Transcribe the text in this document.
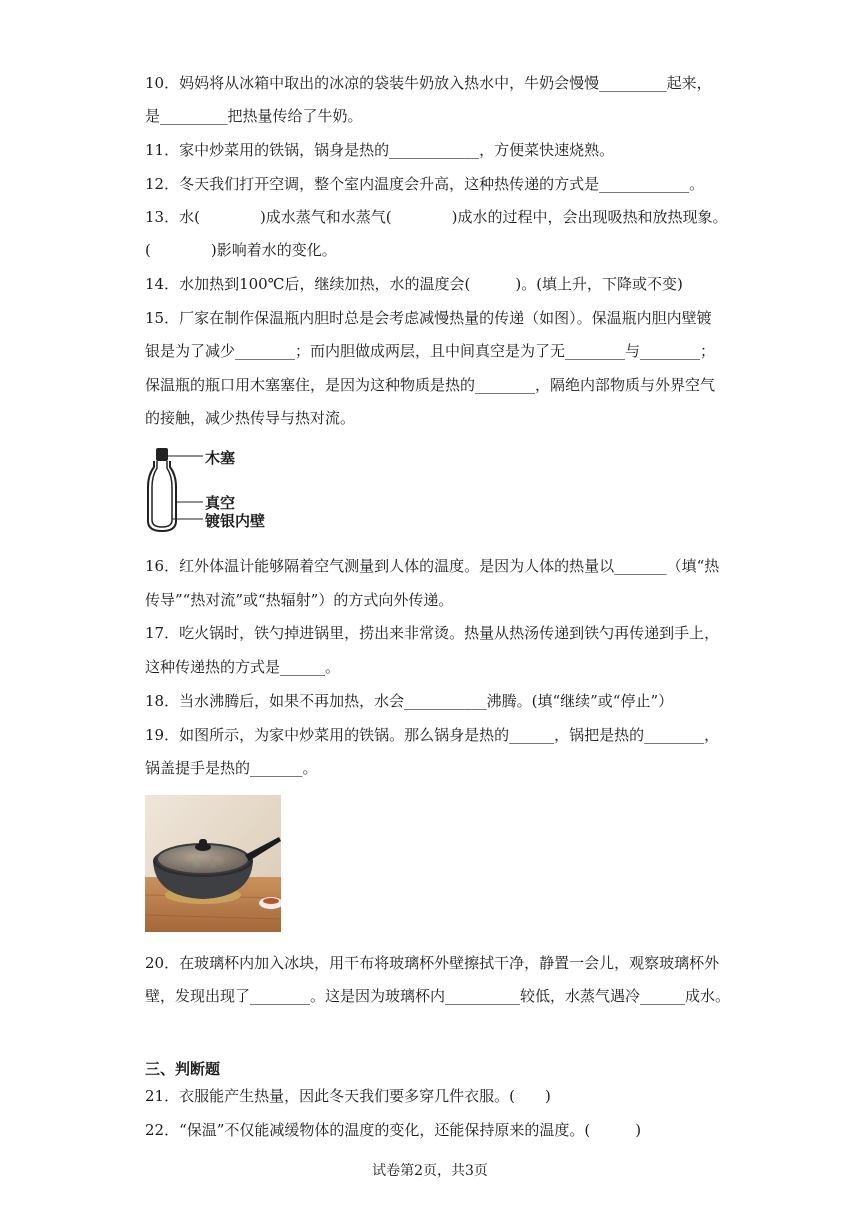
10．妈妈将从冰箱中取出的冰凉的袋装牛奶放入热水中，牛奶会慢慢_________起来，
是_________把热量传给了牛奶。
11．家中炒菜用的铁锅，锅身是热的____________，方便菜快速烧熟。
12．冬天我们打开空调，整个室内温度会升高，这种热传递的方式是____________。
13．水(　　　　)成水蒸气和水蒸气(　　　　)成水的过程中，会出现吸热和放热现象。
(　　　　)影响着水的变化。
14．水加热到100℃后，继续加热，水的温度会(　　　)。(填上升，下降或不变)
15．厂家在制作保温瓶内胆时总是会考虑减慢热量的传递（如图）。保温瓶内胆内壁镀
银是为了减少________；而内胆做成两层，且中间真空是为了无________与________；
保温瓶的瓶口用木塞塞住，是因为这种物质是热的________，隔绝内部物质与外界空气
的接触，减少热传导与热对流。
木塞
真空
镀银内壁
16．红外体温计能够隔着空气测量到人体的温度。是因为人体的热量以_______（填“热
传导”“热对流”或“热辐射”）的方式向外传递。
17．吃火锅时，铁勺掉进锅里，捞出来非常烫。热量从热汤传递到铁勺再传递到手上，
这种传递热的方式是______。
18．当水沸腾后，如果不再加热，水会___________沸腾。(填“继续”或“停止”）
19．如图所示，为家中炒菜用的铁锅。那么锅身是热的______，锅把是热的________，
锅盖提手是热的_______。
20．在玻璃杯内加入冰块，用干布将玻璃杯外壁擦拭干净，静置一会儿，观察玻璃杯外
壁，发现出现了________。这是因为玻璃杯内__________较低，水蒸气遇冷______成水。
三、判断题
21．衣服能产生热量，因此冬天我们要多穿几件衣服。(　　)
22．“保温”不仅能减缓物体的温度的变化，还能保持原来的温度。(　　　)
试卷第2页，共3页
